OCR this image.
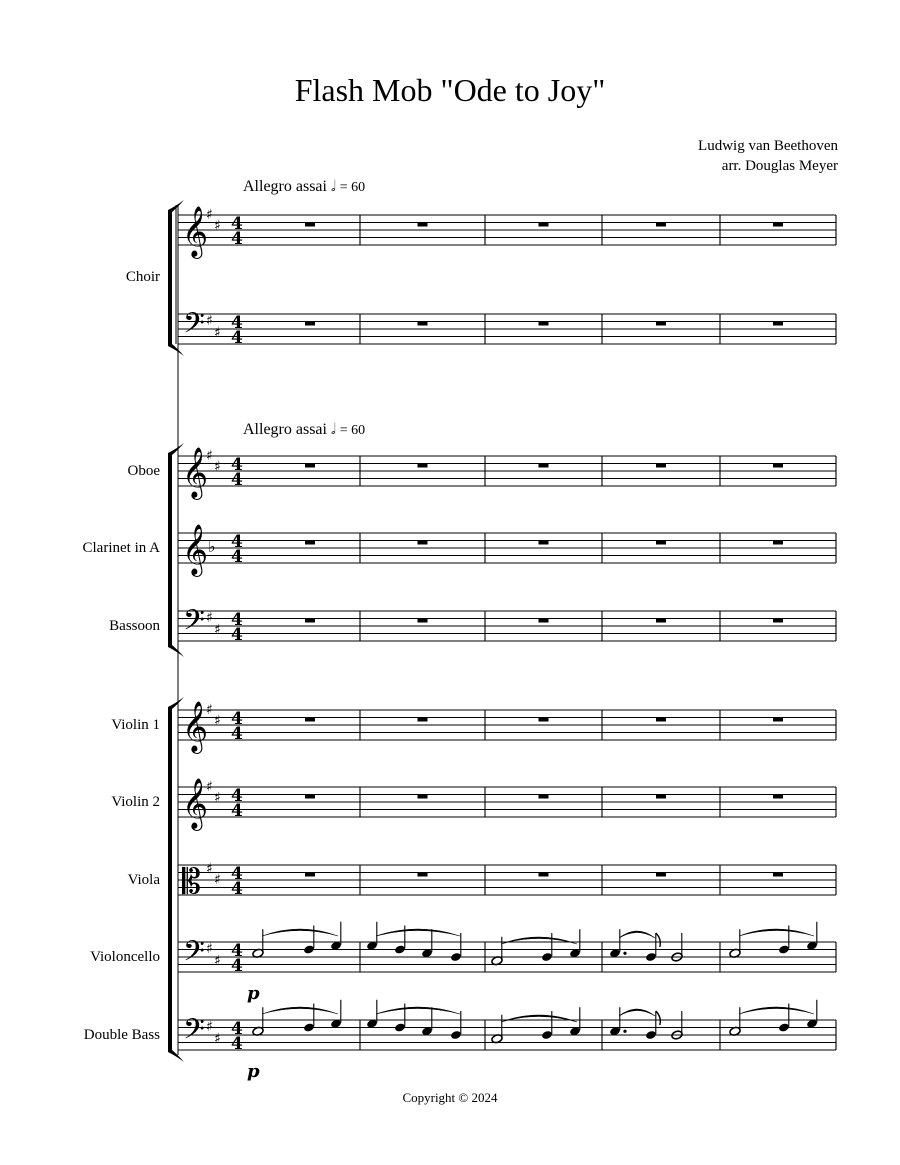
Flash Mob "Ode to Joy"
Ludwig van Beethoven
arr. Douglas Meyer
Allegro assai 𝅗𝅥 = 60
Allegro assai 𝅗𝅥 = 60
Choir
Oboe
Clarinet in A
Bassoon
Violin 1
Violin 2
Viola
Violoncello
Double Bass
𝄞
♯
♯ 4
4
𝄢 ♯
♯ 4
4
𝄞
♯
♯ 4
4
𝄞 ♭ 4
4
𝄢 ♯
♯ 4
4
𝄞
♯
♯ 4
4
𝄞
♯
♯ 4
4
𝄡 ♯
♯ 4
4
𝄢 ♯
♯ 4
4
p
𝄢 ♯
♯ 4
4
p
Copyright © 2024
